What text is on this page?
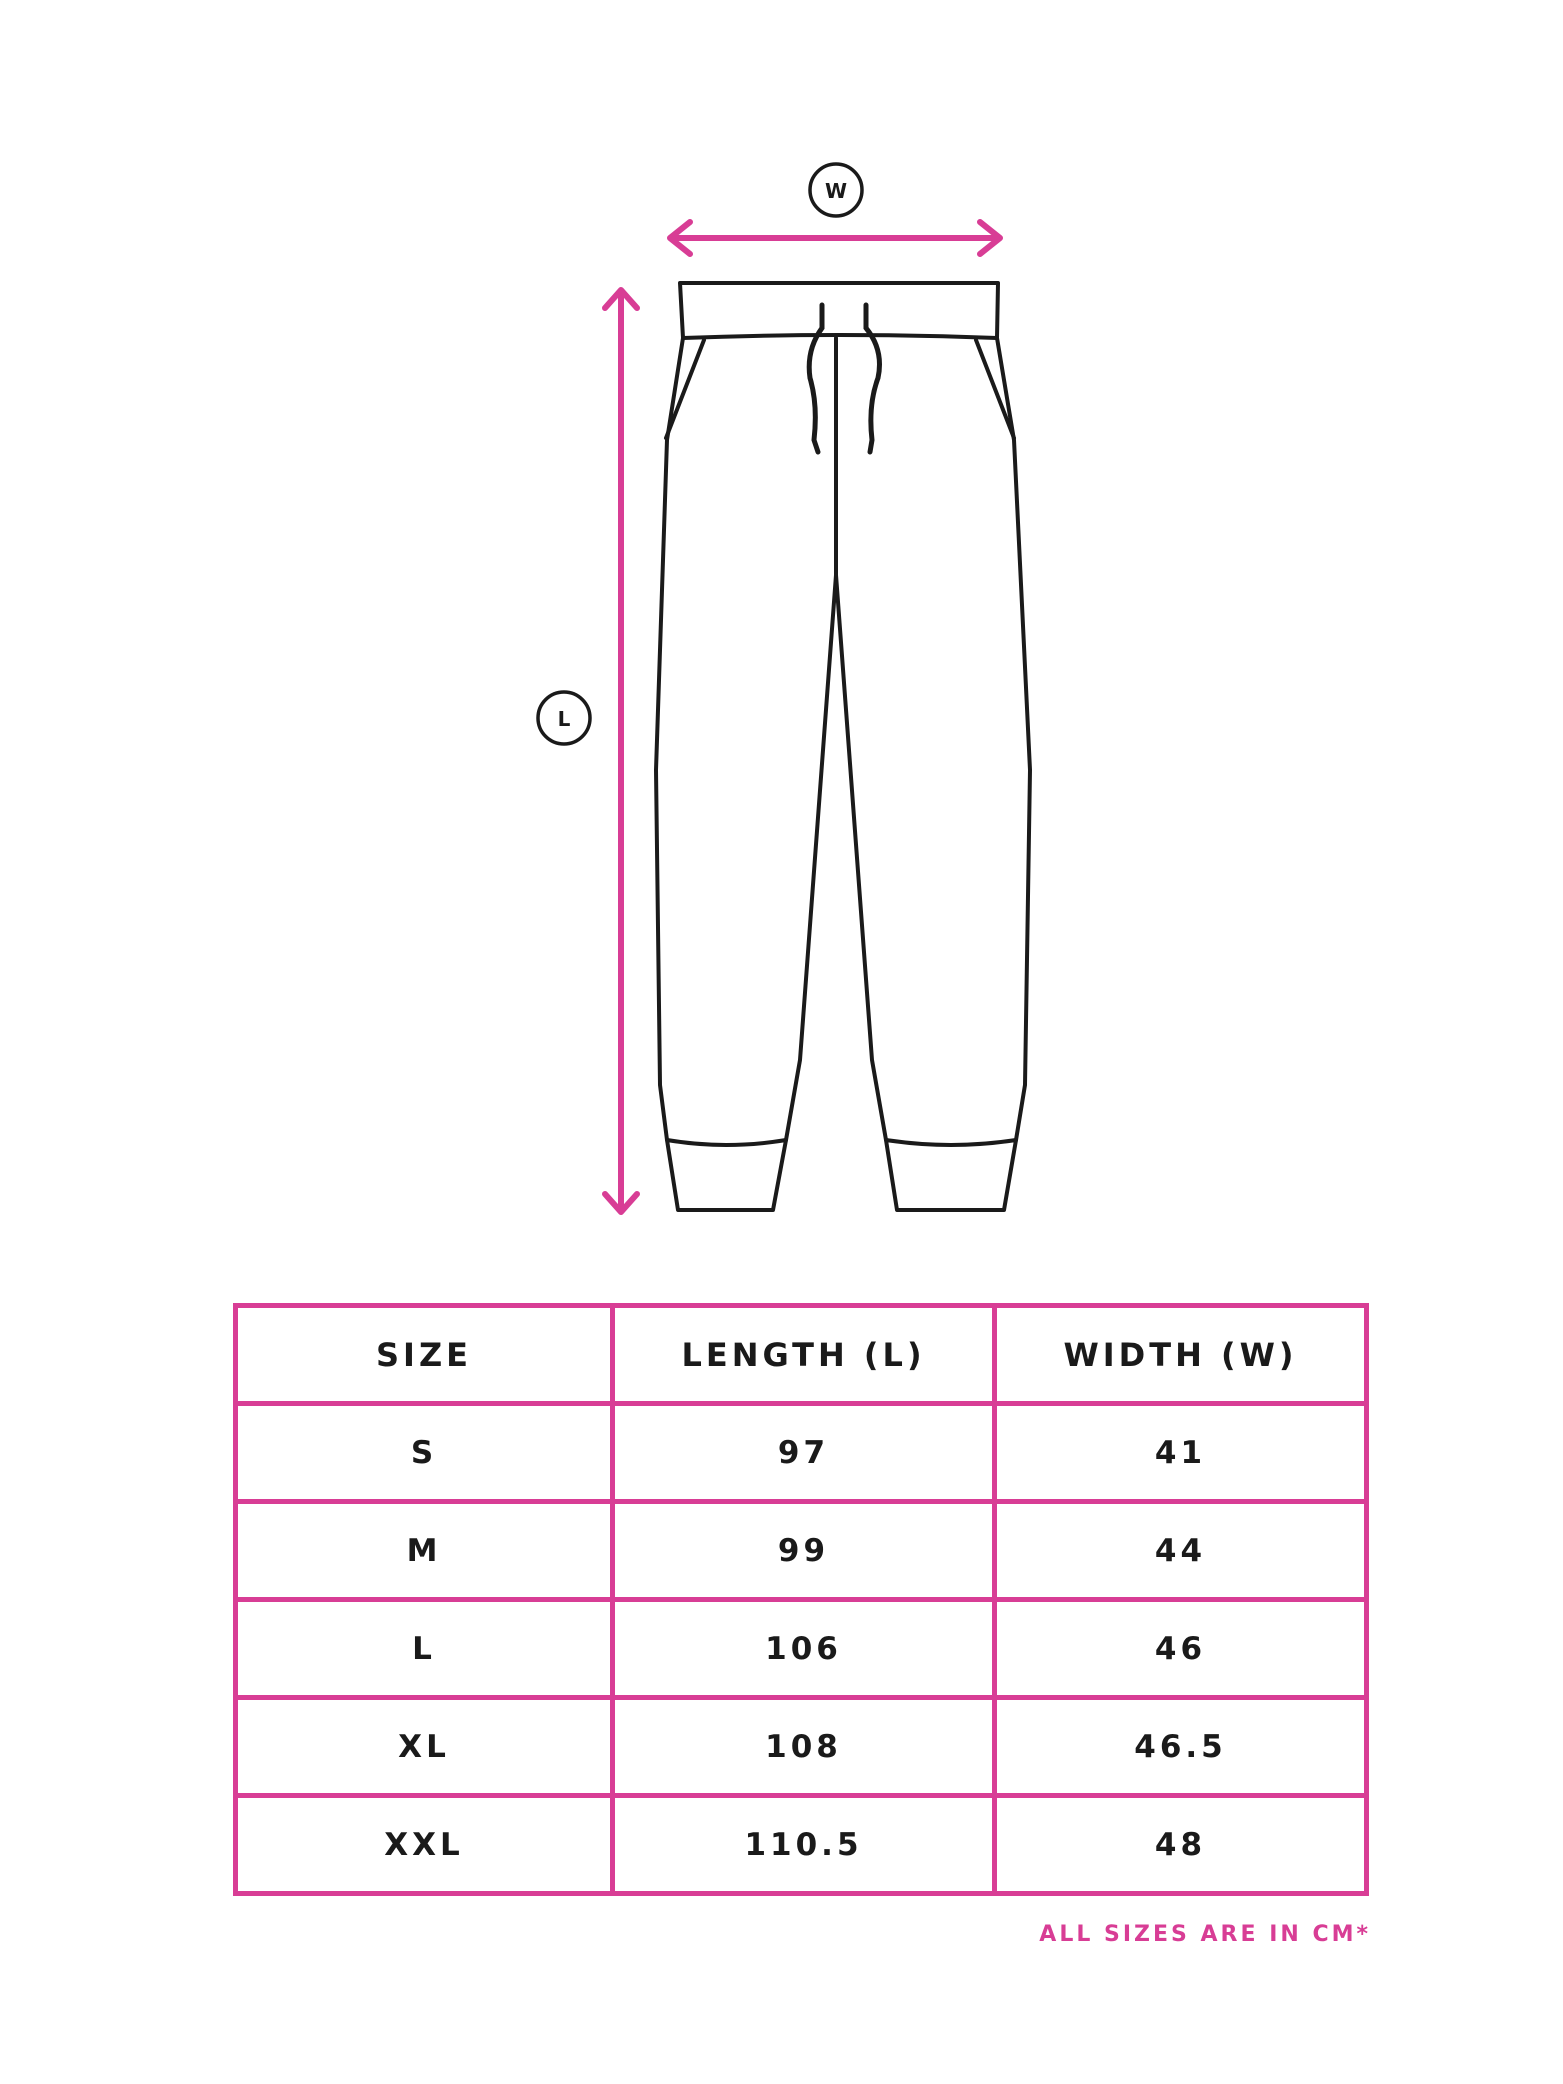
W
L
SIZE	LENGTH (L)	WIDTH (W)
S	97	41
M	99	44
L	106	46
XL	108	46.5
XXL	110.5	48
ALL SIZES ARE IN CM*
